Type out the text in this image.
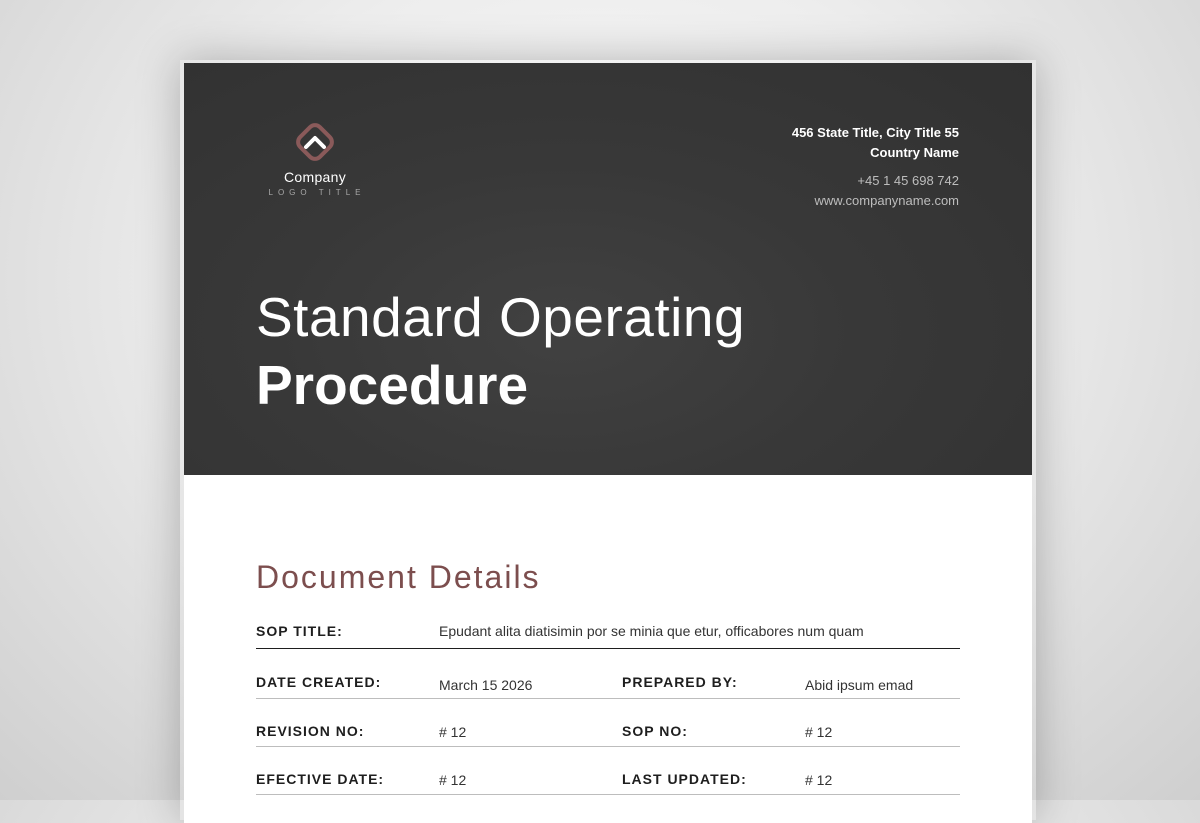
Company
LOGO TITLE
456 State Title, City Title 55
Country Name
+45 1 45 698 742
www.companyname.com
Standard Operating
Procedure
Document Details
SOP TITLE:	Epudant alita diatisimin por se minia que etur, officabores num quam
DATE CREATED:	March 15 2026	PREPARED BY:	Abid ipsum emad
REVISION NO:	# 12	SOP NO:	# 12
EFECTIVE DATE:	# 12	LAST UPDATED:	# 12
